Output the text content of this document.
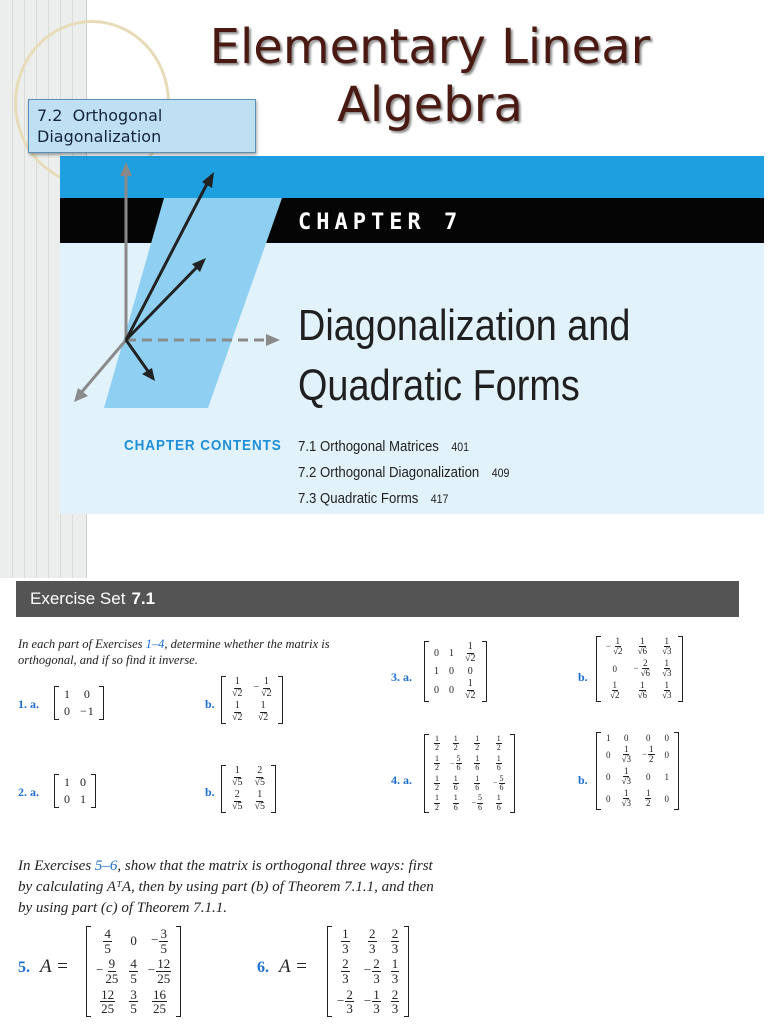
Elementary Linear
Algebra
CHAPTER 7
Diagonalization and
Quadratic Forms
CHAPTER CONTENTS 7.1 Orthogonal Matrices 401
7.2 Orthogonal Diagonalization 409
7.3 Quadratic Forms 417
7.2 Orthogonal
Diagonalization
Exercise Set 7.1
In each part of Exercises 1–4, determine whether the matrix is
orthogonal, and if so find it inverse.
1. a.	b.
2. a.	b.
3. a.	b.
4. a.	b.
1	0
0	−1
$\frac{1}{√2}$	− $\frac{1}{√2}$

$\frac{1}{√2}$	$\frac{1}{√2}$
1	0
0	1
$\frac{1}{√5}$	$\frac{2}{√5}$

$\frac{2}{√5}$	$\frac{1}{√5}$
0	1	$\frac{1}{√2}$

1	0	0
0	0	$\frac{1}{√2}$
− $\frac{1}{√2}$	$\frac{1}{√6}$	$\frac{1}{√3}$

0	− $\frac{2}{√6}$	$\frac{1}{√3}$

$\frac{1}{√2}$	$\frac{1}{√6}$	$\frac{1}{√3}$
$\frac{1}{2}$	$\frac{1}{2}$	$\frac{1}{2}$	$\frac{1}{2}$

$\frac{1}{2}$	− $\frac{5}{6}$	$\frac{1}{6}$	$\frac{1}{6}$

$\frac{1}{2}$	$\frac{1}{6}$	$\frac{1}{6}$	− $\frac{5}{6}$

$\frac{1}{2}$	$\frac{1}{6}$	− $\frac{5}{6}$	$\frac{1}{6}$
1	0	0	0
0	$\frac{1}{√3}$	− $\frac{1}{2}$	0
0	$\frac{1}{√3}$	0	1
0	$\frac{1}{√3}$	$\frac{1}{2}$	0
In Exercises 5–6, show that the matrix is orthogonal three ways: first
by calculating AᵀA, then by using part (b) of Theorem 7.1.1, and then
by using part (c) of Theorem 7.1.1.
5. A =
$\frac{4}{5}$	0	− $\frac{3}{5}$

− $\frac{9}{25}$	$\frac{4}{5}$	− $\frac{12}{25}$

$\frac{12}{25}$	$\frac{3}{5}$	$\frac{16}{25}$
6. A =
$\frac{1}{3}$	$\frac{2}{3}$	$\frac{2}{3}$

$\frac{2}{3}$	− $\frac{2}{3}$	$\frac{1}{3}$

− $\frac{2}{3}$	− $\frac{1}{3}$	$\frac{2}{3}$
